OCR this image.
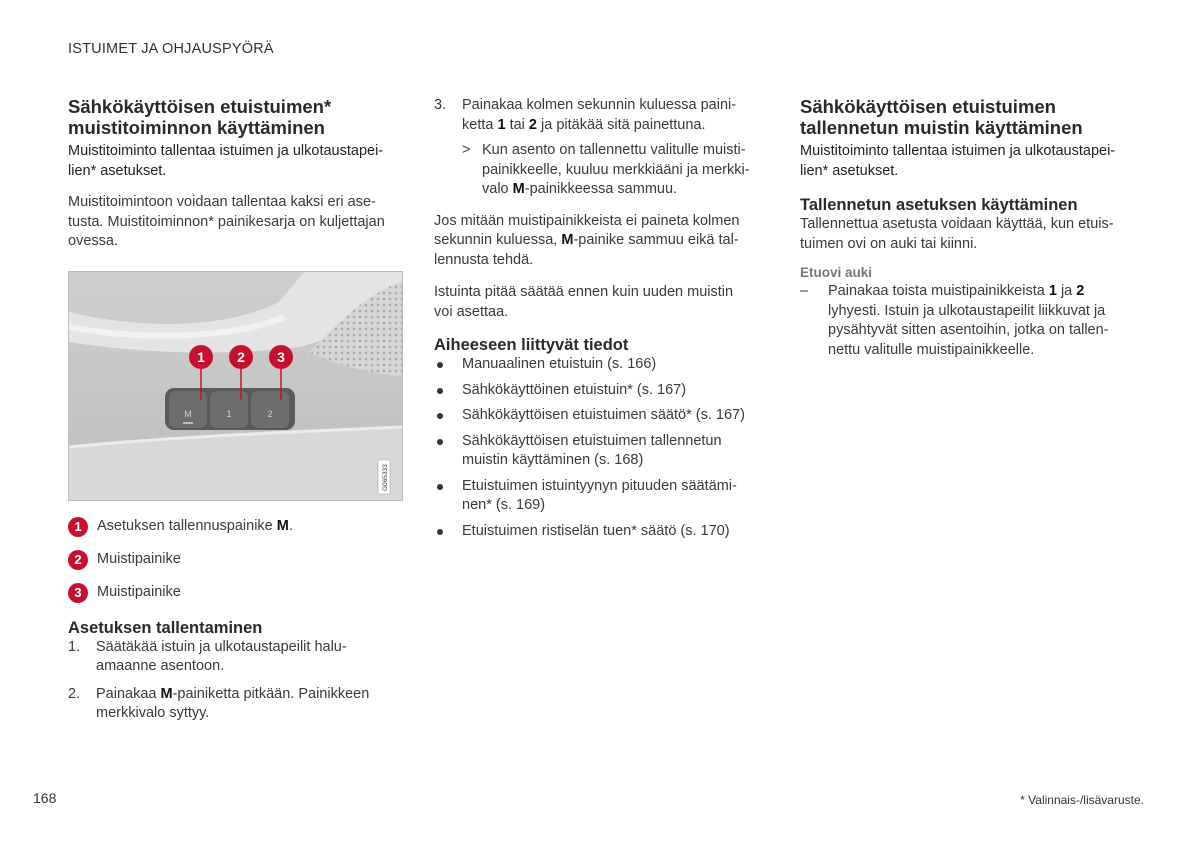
ISTUIMET JA OHJAUSPYÖRÄ
Sähkökäyttöisen etuistuimen*
muistitoiminnon käyttäminen

Muistitoiminto tallentaa istuimen ja ulkotaustapei-
lien* asetukset.

Muistitoimintoon voidaan tallentaa kaksi eri ase-
tusta. Muistitoiminnon* painikesarja on kuljettajan
ovessa.

M	1	2
1 2 3
G065333
1	Asetuksen tallennuspainike M.
2	Muistipainike
3	Muistipainike
Asetuksen tallentaminen
1.	Säätäkää istuin ja ulkotaustapeilit halu-
amaanne asentoon.
2.	Painakaa M-painiketta pitkään. Painikkeen
merkkivalo syttyy.
3.	Painakaa kolmen sekunnin kuluessa paini-
ketta 1 tai 2 ja pitäkää sitä painettuna.
> Kun asento on tallennettu valitulle muisti-
painikkeelle, kuuluu merkkiääni ja merkki-
valo M-painikkeessa sammuu.

Jos mitään muistipainikkeista ei paineta kolmen
sekunnin kuluessa, M-painike sammuu eikä tal-
lennusta tehdä.

Istuinta pitää säätää ennen kuin uuden muistin
voi asettaa.

Aiheeseen liittyvät tiedot
Manuaalinen etuistuin (s. 166)
Sähkökäyttöinen etuistuin* (s. 167)
Sähkökäyttöisen etuistuimen säätö* (s. 167)
Sähkökäyttöisen etuistuimen tallennetun
muistin käyttäminen (s. 168)
Etuistuimen istuintyynyn pituuden säätämi-
nen* (s. 169)
Etuistuimen ristiselän tuen* säätö (s. 170)
Sähkökäyttöisen etuistuimen
tallennetun muistin käyttäminen

Muistitoiminto tallentaa istuimen ja ulkotaustapei-
lien* asetukset.

Tallennetun asetuksen käyttäminen

Tallennettua asetusta voidaan käyttää, kun etuis-
tuimen ovi on auki tai kiinni.

Etuovi auki
–	Painakaa toista muistipainikkeista 1 ja 2
lyhyesti. Istuin ja ulkotaustapeilit liikkuvat ja
pysähtyvät sitten asentoihin, jotka on tallen-
nettu valitulle muistipainikkeelle.
168	* Valinnais-/lisävaruste.
